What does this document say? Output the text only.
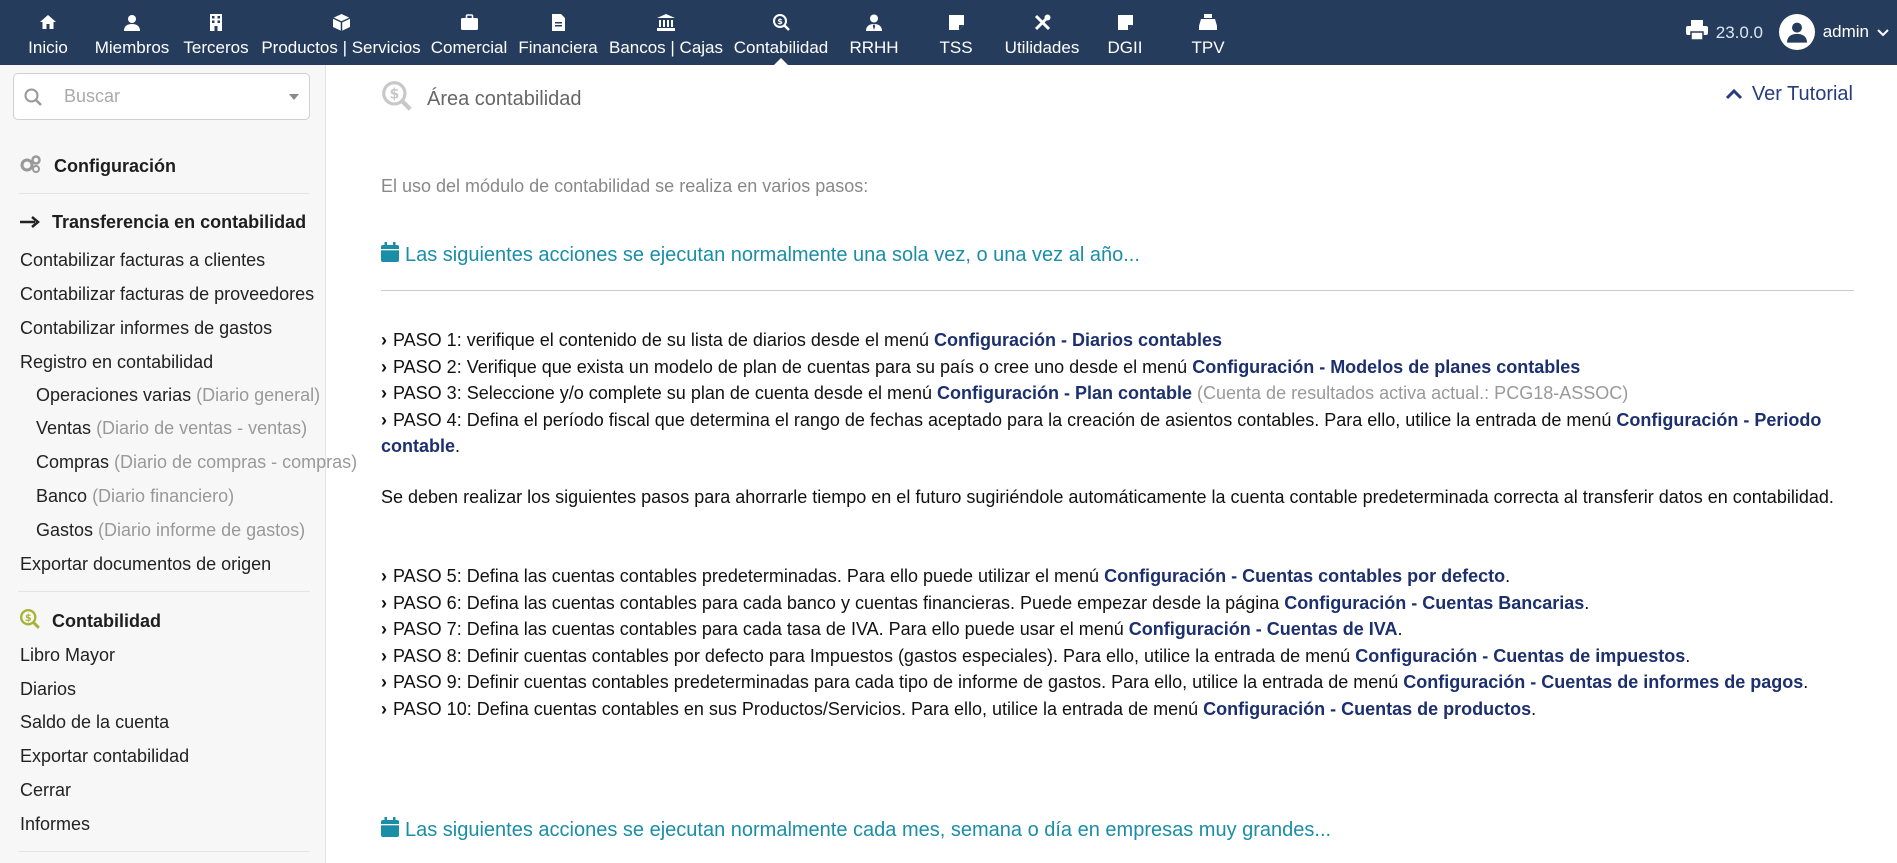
Inicio Miembros Terceros Productos | Servicios Comercial Financiera Bancos | Cajas
$
Contabilidad RRHH TSS Utilidades DGII	TPV
23.0.0	admin
Buscar
Configuración
Transferencia en contabilidad
Contabilizar facturas a clientes
Contabilizar facturas de proveedores
Contabilizar informes de gastos
Registro en contabilidad
Operaciones varias (Diario general)
Ventas (Diario de ventas - ventas)
Compras (Diario de compras - compras)
Banco (Diario financiero)
Gastos (Diario informe de gastos)
Exportar documentos de origen
$ Contabilidad
Libro Mayor
Diarios
Saldo de la cuenta
Exportar contabilidad
Cerrar
Informes
$ Área contabilidad	Ver Tutorial
El uso del módulo de contabilidad se realiza en varios pasos:
Las siguientes acciones se ejecutan normalmente una sola vez, o una vez al año...
› PASO 1: verifique el contenido de su lista de diarios desde el menú Configuración - Diarios contables
› PASO 2: Verifique que exista un modelo de plan de cuentas para su país o cree uno desde el menú Configuración - Modelos de planes contables
› PASO 3: Seleccione y/o complete su plan de cuenta desde el menú Configuración - Plan contable (Cuenta de resultados activa actual.: PCG18-ASSOC)
› PASO 4: Defina el período fiscal que determina el rango de fechas aceptado para la creación de asientos contables. Para ello, utilice la entrada de menú Configuración - Periodo contable.
Se deben realizar los siguientes pasos para ahorrarle tiempo en el futuro sugiriéndole automáticamente la cuenta contable predeterminada correcta al transferir datos en contabilidad.
› PASO 5: Defina las cuentas contables predeterminadas. Para ello puede utilizar el menú Configuración - Cuentas contables por defecto.
› PASO 6: Defina las cuentas contables para cada banco y cuentas financieras. Puede empezar desde la página Configuración - Cuentas Bancarias.
› PASO 7: Defina las cuentas contables para cada tasa de IVA. Para ello puede usar el menú Configuración - Cuentas de IVA.
› PASO 8: Definir cuentas contables por defecto para Impuestos (gastos especiales). Para ello, utilice la entrada de menú Configuración - Cuentas de impuestos.
› PASO 9: Definir cuentas contables predeterminadas para cada tipo de informe de gastos. Para ello, utilice la entrada de menú Configuración - Cuentas de informes de pagos.
› PASO 10: Defina cuentas contables en sus Productos/Servicios. Para ello, utilice la entrada de menú Configuración - Cuentas de productos.
Las siguientes acciones se ejecutan normalmente cada mes, semana o día en empresas muy grandes...
